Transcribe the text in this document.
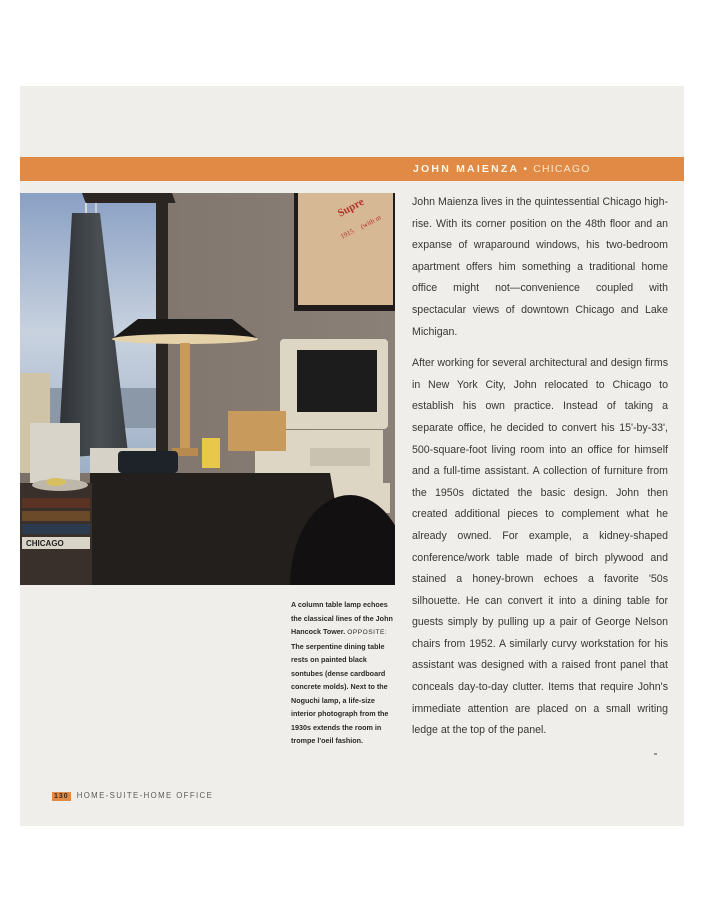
JOHN MAIENZA • CHICAGO
Supre
1915
(with m
CHICAGO

John Maienza lives in the quintessential Chicago high-rise. With its corner position on the 48th floor and an expanse of wraparound windows, his two-bedroom apartment offers him something a traditional home office might not—convenience coupled with spectacular views of downtown Chicago and Lake Michigan.

After working for several architectural and design firms in New York City, John relocated to Chicago to establish his own practice. Instead of taking a separate office, he decided to convert his 15'-by-33', 500-square-foot living room into an office for himself and a full-time assistant. A collection of furniture from the 1950s dictated the basic design. John then created additional pieces to complement what he already owned. For example, a kidney-shaped conference/work table made of birch plywood and stained a honey-brown echoes a favorite '50s silhouette. He can convert it into a dining table for guests simply by pulling up a pair of George Nelson chairs from 1952. A similarly curvy workstation for his assistant was designed with a raised front panel that conceals day-to-day clutter. Items that require John's immediate attention are placed on a small writing ledge at the top of the panel.

A column table lamp echoes the classical lines of the John Hancock Tower. OPPOSITE: The serpentine dining table rests on painted black sontubes (dense cardboard concrete molds). Next to the Noguchi lamp, a life-size interior photograph from the 1930s extends the room in trompe l'oeil fashion.
130 HOME-SUITE-HOME OFFICE
